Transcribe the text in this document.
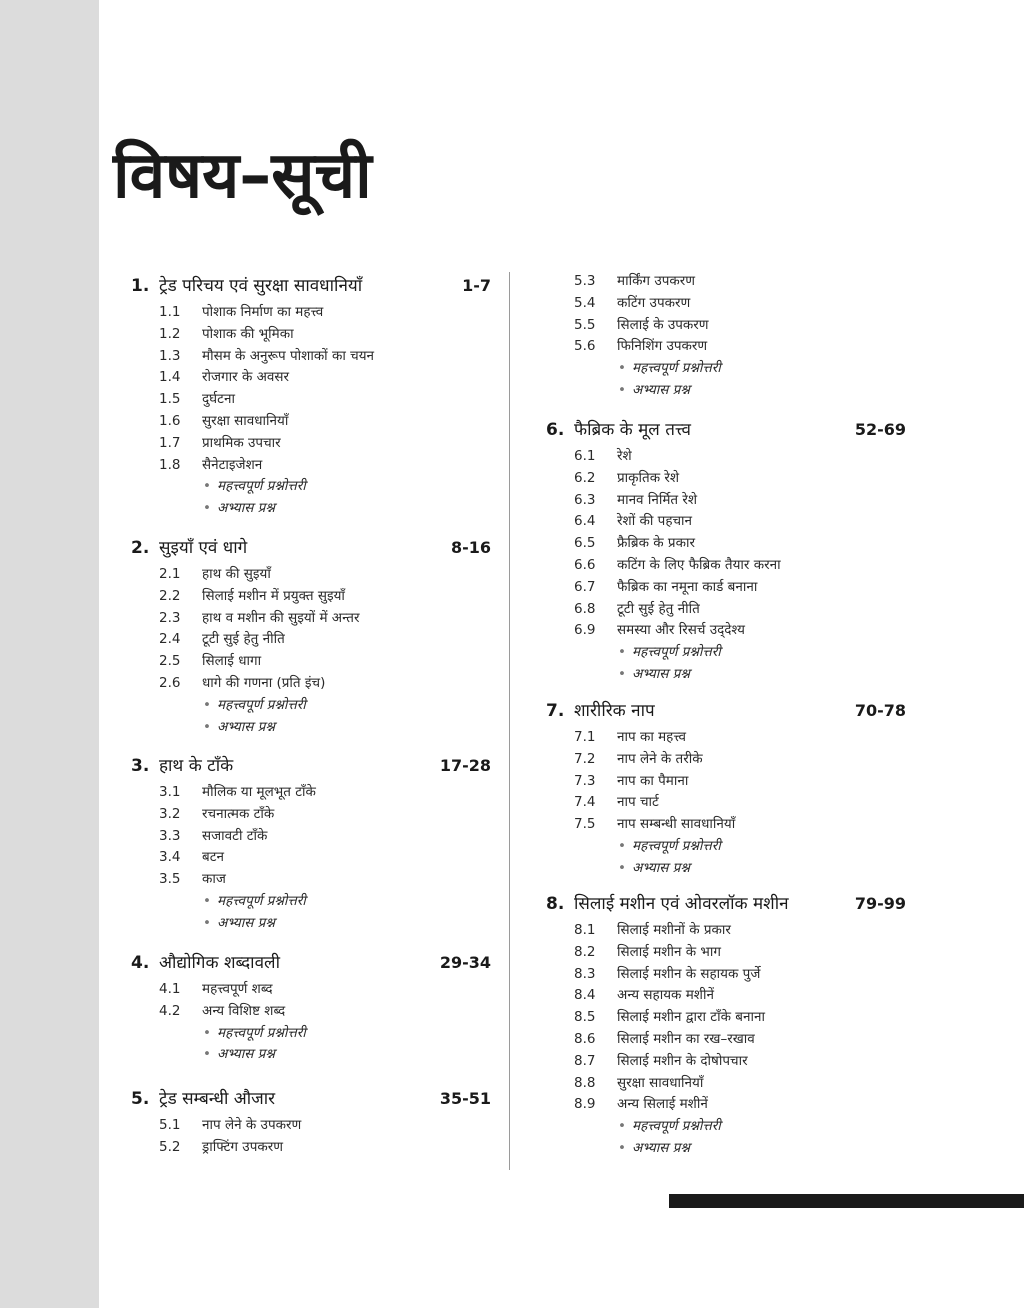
विषय–सूची
1. ट्रेड परिचय एवं सुरक्षा सावधानियाँ	1-7
1.1 पोशाक निर्माण का महत्त्व
1.2 पोशाक की भूमिका
1.3 मौसम के अनुरूप पोशाकों का चयन
1.4 रोजगार के अवसर
1.5 दुर्घटना
1.6 सुरक्षा सावधानियाँ
1.7 प्राथमिक उपचार
1.8 सैनेटाइजेशन
• महत्त्वपूर्ण प्रश्नोत्तरी
• अभ्यास प्रश्न
2. सुइयाँ एवं धागे	8-16
2.1 हाथ की सुइयाँ
2.2 सिलाई मशीन में प्रयुक्त सुइयाँ
2.3 हाथ व मशीन की सुइयों में अन्तर
2.4 टूटी सुई हेतु नीति
2.5 सिलाई धागा
2.6 धागे की गणना (प्रति इंच)
• महत्त्वपूर्ण प्रश्नोत्तरी
• अभ्यास प्रश्न
3. हाथ के टाँके	17-28
3.1 मौलिक या मूलभूत टाँके
3.2 रचनात्मक टाँके
3.3 सजावटी टाँके
3.4 बटन
3.5 काज
• महत्त्वपूर्ण प्रश्नोत्तरी
• अभ्यास प्रश्न
4. औद्योगिक शब्दावली	29-34
4.1 महत्त्वपूर्ण शब्द
4.2 अन्य विशिष्ट शब्द
• महत्त्वपूर्ण प्रश्नोत्तरी
• अभ्यास प्रश्न
5. ट्रेड सम्बन्धी औजार	35-51
5.1 नाप लेने के उपकरण
5.2 ड्राफ्टिंग उपकरण
5.3 मार्किंग उपकरण
5.4 कटिंग उपकरण
5.5 सिलाई के उपकरण
5.6 फिनिशिंग उपकरण
• महत्त्वपूर्ण प्रश्नोत्तरी
• अभ्यास प्रश्न
6. फैब्रिक के मूल तत्त्व	52-69
6.1 रेशे
6.2 प्राकृतिक रेशे
6.3 मानव निर्मित रेशे
6.4 रेशों की पहचान
6.5 फ्रैब्रिक के प्रकार
6.6 कटिंग के लिए फैब्रिक तैयार करना
6.7 फैब्रिक का नमूना कार्ड बनाना
6.8 टूटी सुई हेतु नीति
6.9 समस्या और रिसर्च उद्‌देश्य
• महत्त्वपूर्ण प्रश्नोत्तरी
• अभ्यास प्रश्न
7. शारीरिक नाप	70-78
7.1 नाप का महत्त्व
7.2 नाप लेने के तरीके
7.3 नाप का पैमाना
7.4 नाप चार्ट
7.5 नाप सम्बन्धी सावधानियाँ
• महत्त्वपूर्ण प्रश्नोत्तरी
• अभ्यास प्रश्न
8. सिलाई मशीन एवं ओवरलॉक मशीन	79-99
8.1 सिलाई मशीनों के प्रकार
8.2 सिलाई मशीन के भाग
8.3 सिलाई मशीन के सहायक पुर्जे
8.4 अन्य सहायक मशीनें
8.5 सिलाई मशीन द्वारा टाँके बनाना
8.6 सिलाई मशीन का रख–रखाव
8.7 सिलाई मशीन के दोषोपचार
8.8 सुरक्षा सावधानियाँ
8.9 अन्य सिलाई मशीनें
• महत्त्वपूर्ण प्रश्नोत्तरी
• अभ्यास प्रश्न
